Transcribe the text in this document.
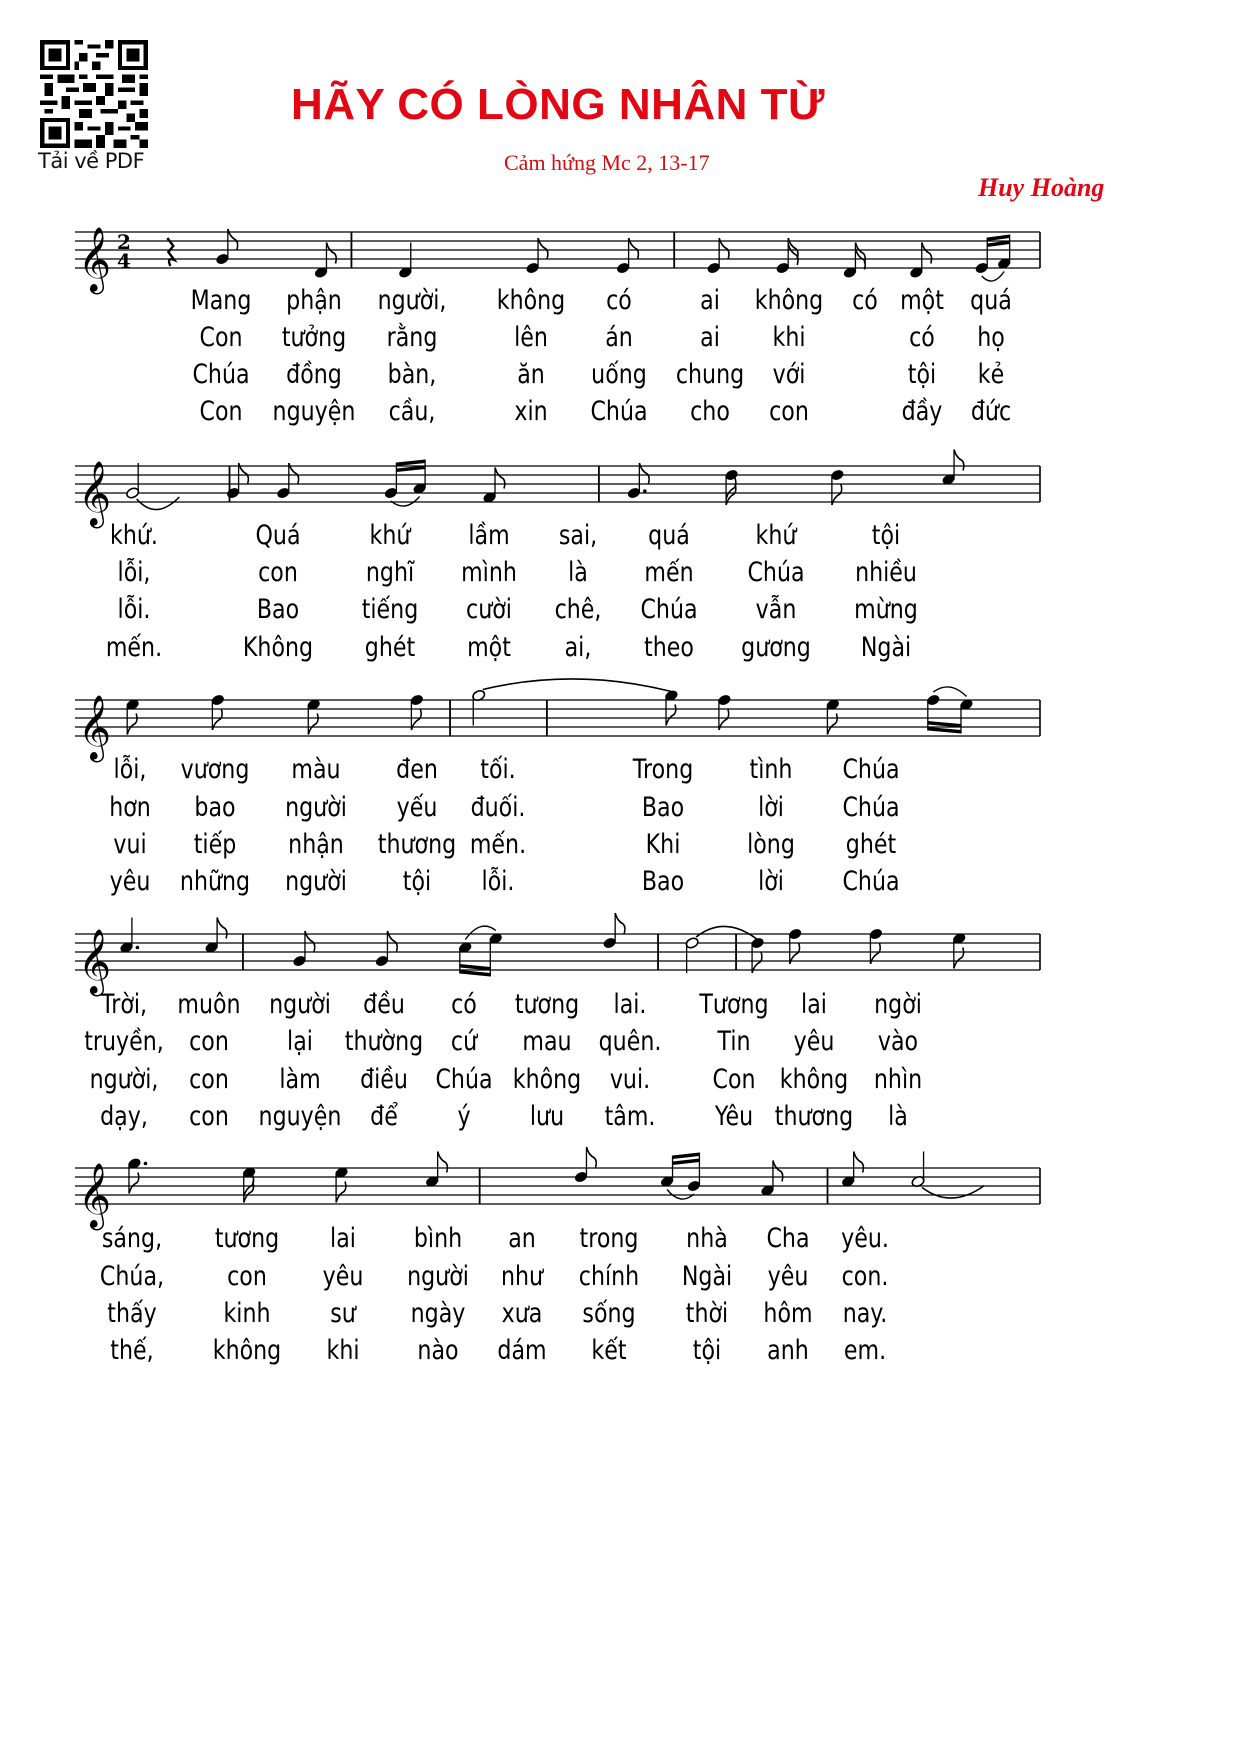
Tải về PDF
HÃY CÓ LÒNG NHÂN TỪ
Cảm hứng Mc 2, 13-17
Huy Hoàng
𝄞 2
4
Mang
Con
Chúa
Con
phận
tưởng
đồng
nguyện
người,
rằng
bàn,
cầu,
không
lên
ăn
xin
có
án
uống
Chúa
ai
ai
chung
cho
không
khi
với
con
có một
có
tội
đầy
quá
họ
kẻ
đức
𝄞
khứ.
lỗi,
lỗi.
mến.
Quá
con
Bao
Không
khứ
nghĩ
tiếng
ghét
lầm
mình
cười
một
sai,
là
chê,
ai,
quá
mến
Chúa
theo
khứ
Chúa
vẫn
gương
tội
nhiều
mừng
Ngài
𝄞
lỗi,
hơn
vui
yêu
vương
bao
tiếp
những
màu
người
nhận
người
đen
yếu
thương
tội
tối.
đuối.
mến.
lỗi.
Trong
Bao
Khi
Bao
tình
lời
lòng
lời
Chúa
Chúa
ghét
Chúa
𝄞
Trời,
truyền,
người,
dạy,
muôn
con
con
con
người
lại
làm
nguyện
đều
thường
điều
để
có
cứ
Chúa
ý
tương
mau
không
lưu
lai.
quên.
vui.
tâm.
Tương
Tin
Con
Yêu
lai
yêu
không
thương
ngời
vào
nhìn
là
𝄞
sáng,
Chúa,
thấy
thế,
tương
con
kinh
không
lai
yêu
sư
khi
bình
người
ngày
nào
an
như
xưa
dám
trong
chính
sống
kết
nhà
Ngài
thời
tội
Cha
yêu
hôm
anh
yêu.
con.
nay.
em.
